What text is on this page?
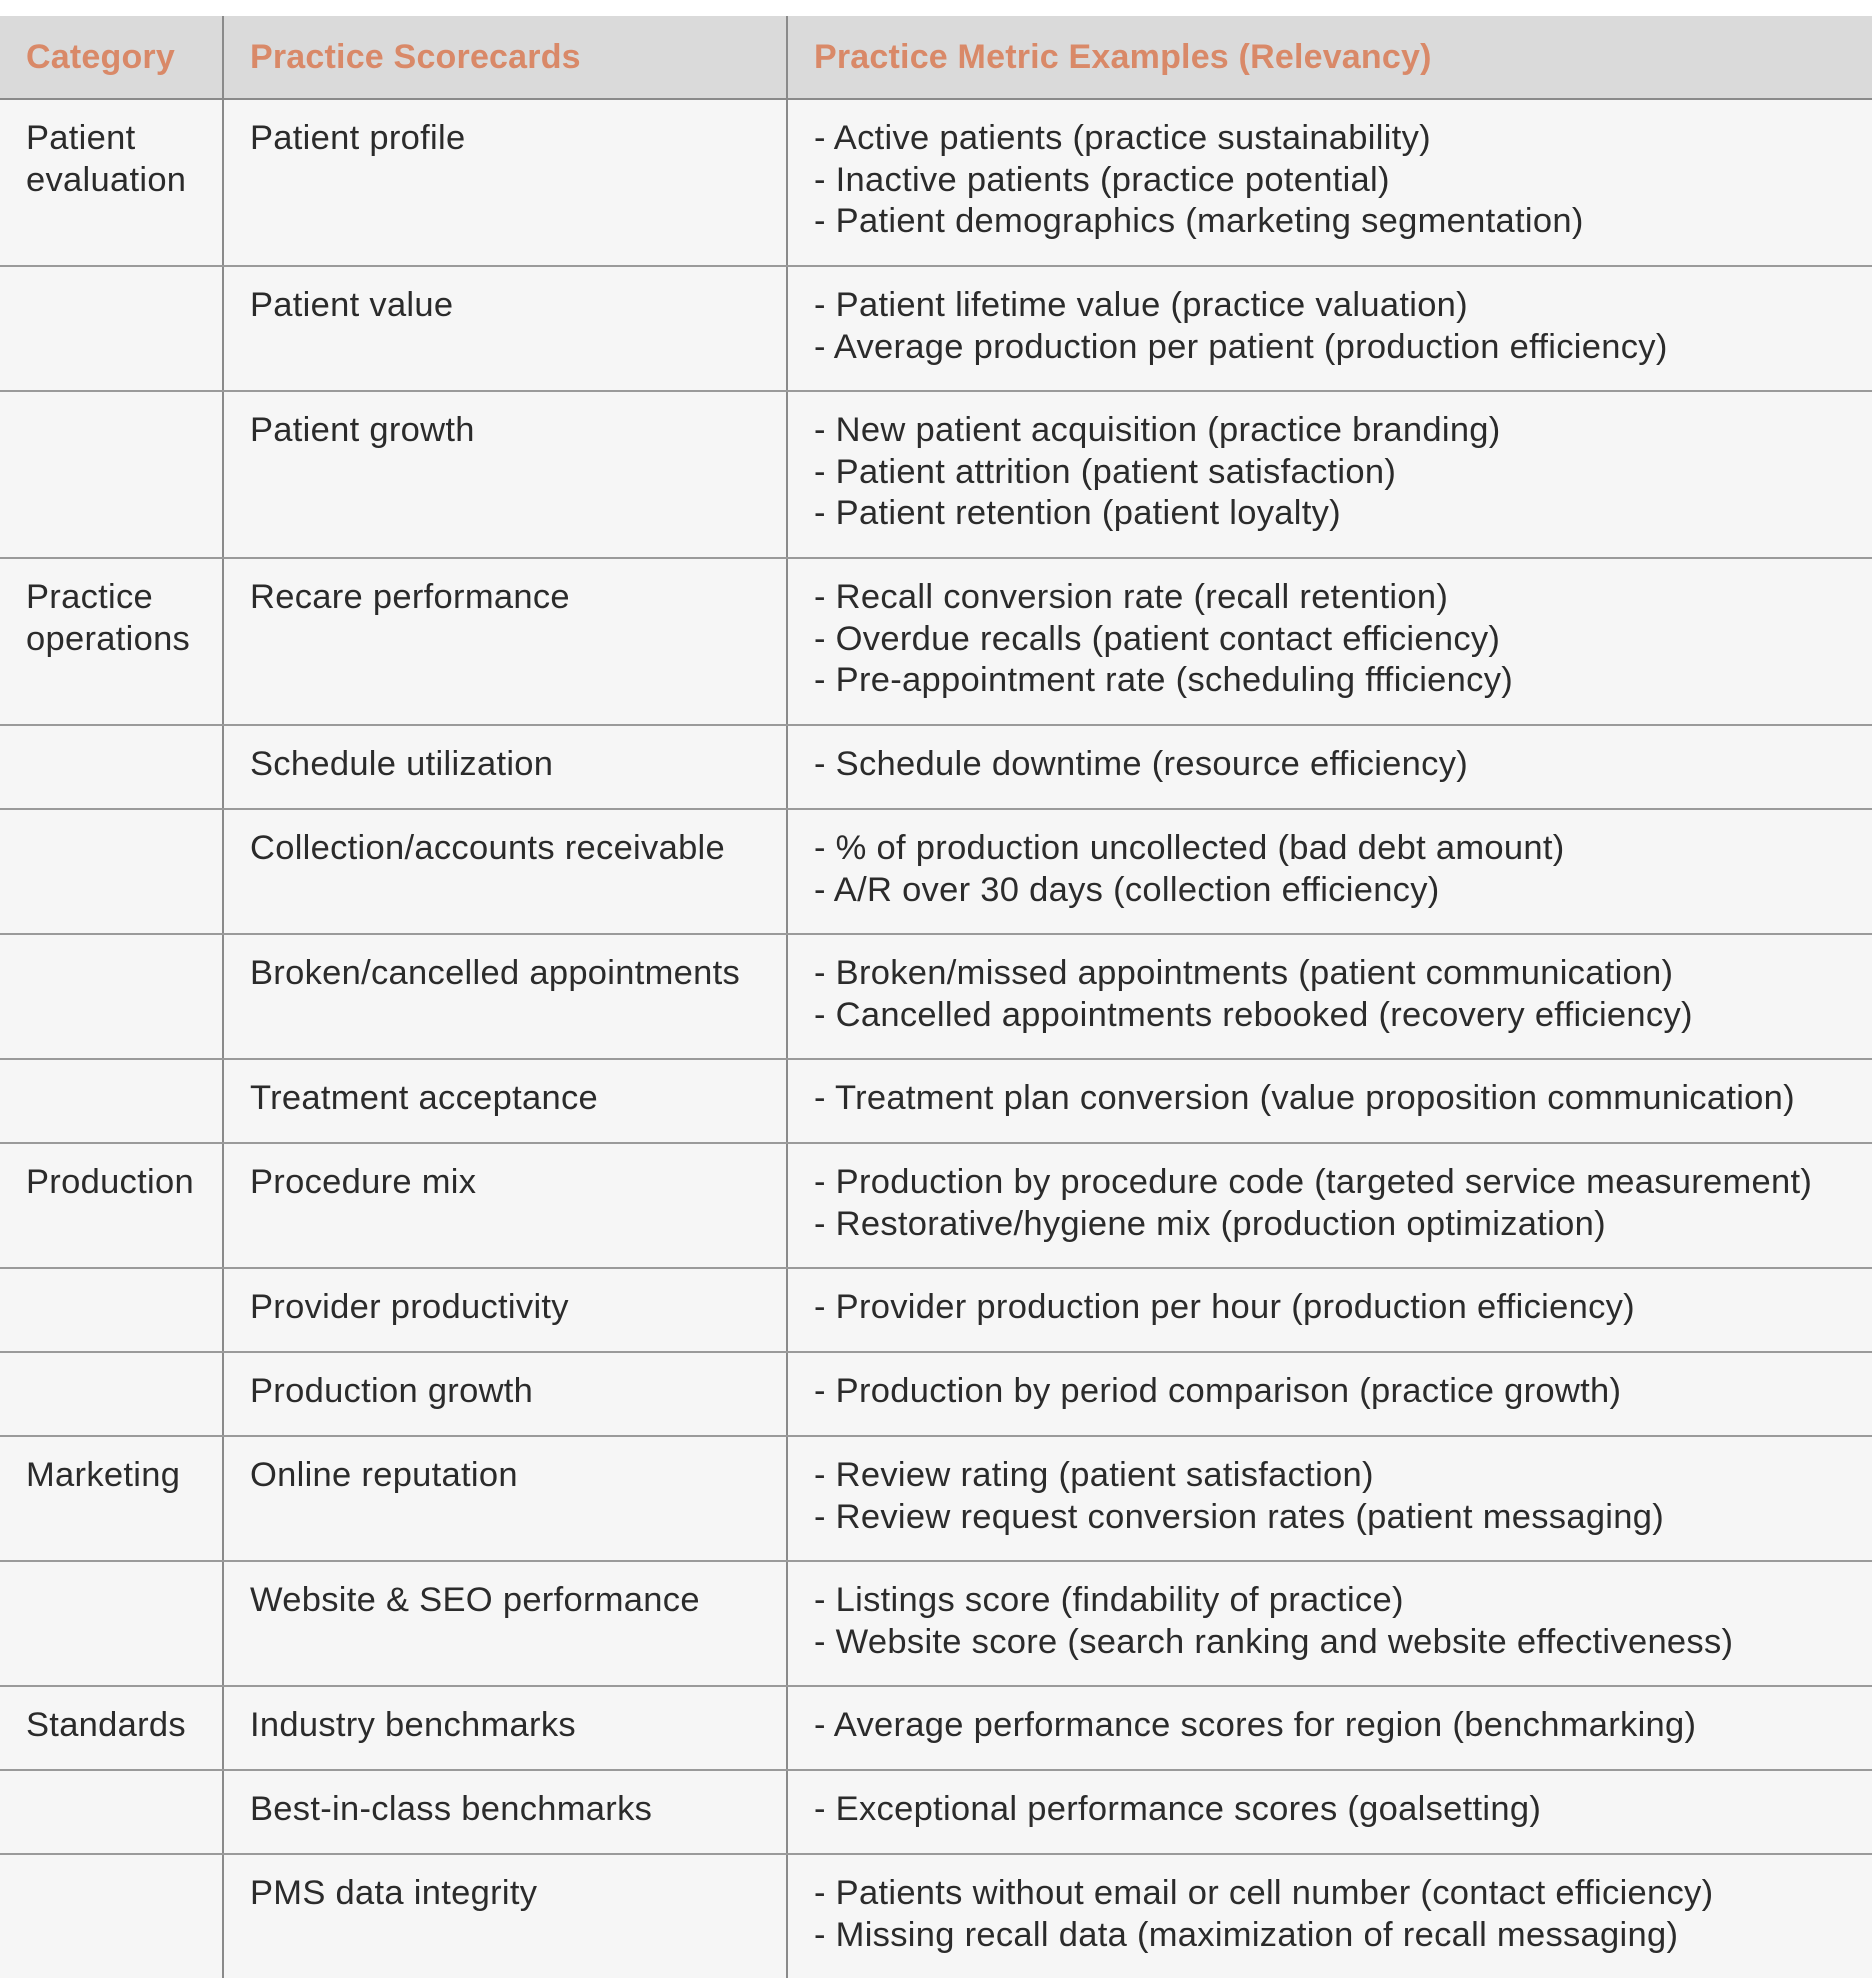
Category	Practice Scorecards	Practice Metric Examples (Relevancy)
Patient evaluation	Patient profile	- Active patients (practice sustainability)
- Inactive patients (practice potential)
- Patient demographics (marketing segmentation)

	Patient value	- Patient lifetime value (practice valuation)
- Average production per patient (production efficiency)

	Patient growth	- New patient acquisition (practice branding)
- Patient attrition (patient satisfaction)
- Patient retention (patient loyalty)

Practice operations	Recare performance	- Recall conversion rate (recall retention)
- Overdue recalls (patient contact efficiency)
- Pre-appointment rate (scheduling ffficiency)

	Schedule utilization	- Schedule downtime (resource efficiency)

	Collection/accounts receivable	- % of production uncollected (bad debt amount)
- A/R over 30 days (collection efficiency)

	Broken/cancelled appointments	- Broken/missed appointments (patient communication)
- Cancelled appointments rebooked (recovery efficiency)

	Treatment acceptance	- Treatment plan conversion (value proposition communication)

Production	Procedure mix	- Production by procedure code (targeted service measurement)
- Restorative/hygiene mix (production optimization)

	Provider productivity	- Provider production per hour (production efficiency)

	Production growth	- Production by period comparison (practice growth)

Marketing	Online reputation	- Review rating (patient satisfaction)
- Review request conversion rates (patient messaging)

	Website & SEO performance	- Listings score (findability of practice)
- Website score (search ranking and website effectiveness)

Standards	Industry benchmarks	- Average performance scores for region (benchmarking)

	Best-in-class benchmarks	- Exceptional performance scores (goalsetting)

	PMS data integrity	- Patients without email or cell number (contact efficiency)
- Missing recall data (maximization of recall messaging)
